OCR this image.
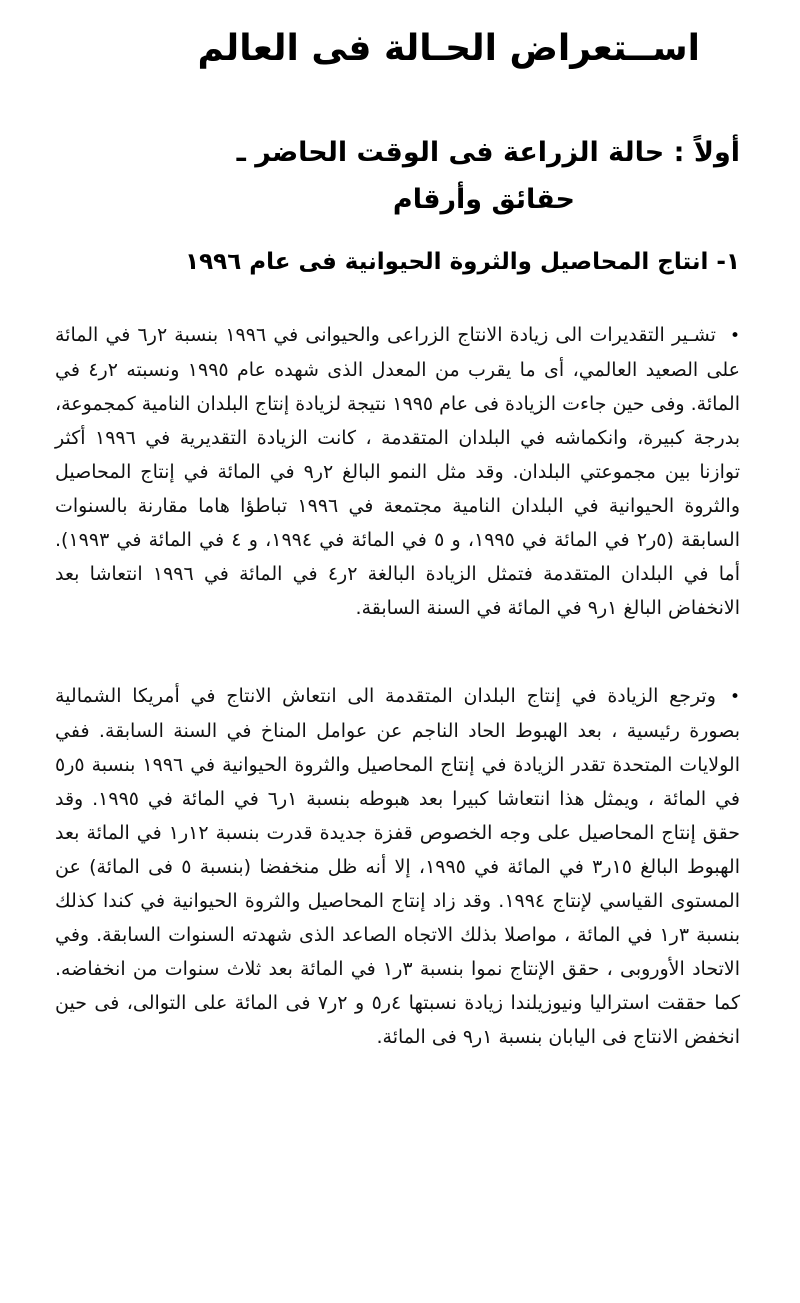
اســتعراض الحـالة فى العالم
أولاً : حالة الزراعة فى الوقت الحاضر ـ
حقائق وأرقام
١- انتاج المحاصيل والثروة الحيوانية فى عام ١٩٩٦

•تشـير التقديرات الى زيادة الانتاج الزراعى والحيوانى في ١٩٩٦ بنسبة ٢ر٦ في المائة على الصعيد العالمي، أى ما يقرب من المعدل الذى شهده عام ١٩٩٥ ونسبته ٢ر٤ في المائة. وفى حين جاءت الزيادة فى عام ١٩٩٥ نتيجة لزيادة إنتاج البلدان النامية كمجموعة، بدرجة كبيرة، وانكماشه في البلدان المتقدمة ، كانت الزيادة التقديرية في ١٩٩٦ أكثر توازنا بين مجموعتي البلدان. وقد مثل النمو البالغ ٢ر٩ في المائة في إنتاج المحاصيل والثروة الحيوانية في البلدان النامية مجتمعة في ١٩٩٦ تباطؤا هاما مقارنة بالسنوات السابقة (٥ر٢ في المائة في ١٩٩٥، و ٥ في المائة في ١٩٩٤، و ٤ في المائة في ١٩٩٣). أما في البلدان المتقدمة فتمثل الزيادة البالغة ٢ر٤ في المائة في ١٩٩٦ انتعاشا بعد الانخفاض البالغ ١ر٩ في المائة في السنة السابقة.

•وترجع الزيادة في إنتاج البلدان المتقدمة الى انتعاش الانتاج في أمريكا الشمالية بصورة رئيسية ، بعد الهبوط الحاد الناجم عن عوامل المناخ في السنة السابقة. ففي الولايات المتحدة تقدر الزيادة في إنتاج المحاصيل والثروة الحيوانية في ١٩٩٦ بنسبة ٥ر٥ في المائة ، ويمثل هذا انتعاشا كبيرا بعد هبوطه بنسبة ١ر٦ في المائة في ١٩٩٥. وقد حقق إنتاج المحاصيل على وجه الخصوص قفزة جديدة قدرت بنسبة ١٢ر١ في المائة بعد الهبوط البالغ ١٥ر٣ في المائة في ١٩٩٥، إلا أنه ظل منخفضا (بنسبة ٥ فى المائة) عن المستوى القياسي لإنتاج ١٩٩٤. وقد زاد إنتاج المحاصيل والثروة الحيوانية في كندا كذلك بنسبة ٣ر١ في المائة ، مواصلا بذلك الاتجاه الصاعد الذى شهدته السنوات السابقة. وفي الاتحاد الأوروبى ، حقق الإنتاج نموا بنسبة ٣ر١ في المائة بعد ثلاث سنوات من انخفاضه. كما حققت استراليا ونيوزيلندا زيادة نسبتها ٤ر٥ و ٢ر٧ فى المائة على التوالى، فى حين انخفض الانتاج فى اليابان بنسبة ١ر٩ فى المائة.
